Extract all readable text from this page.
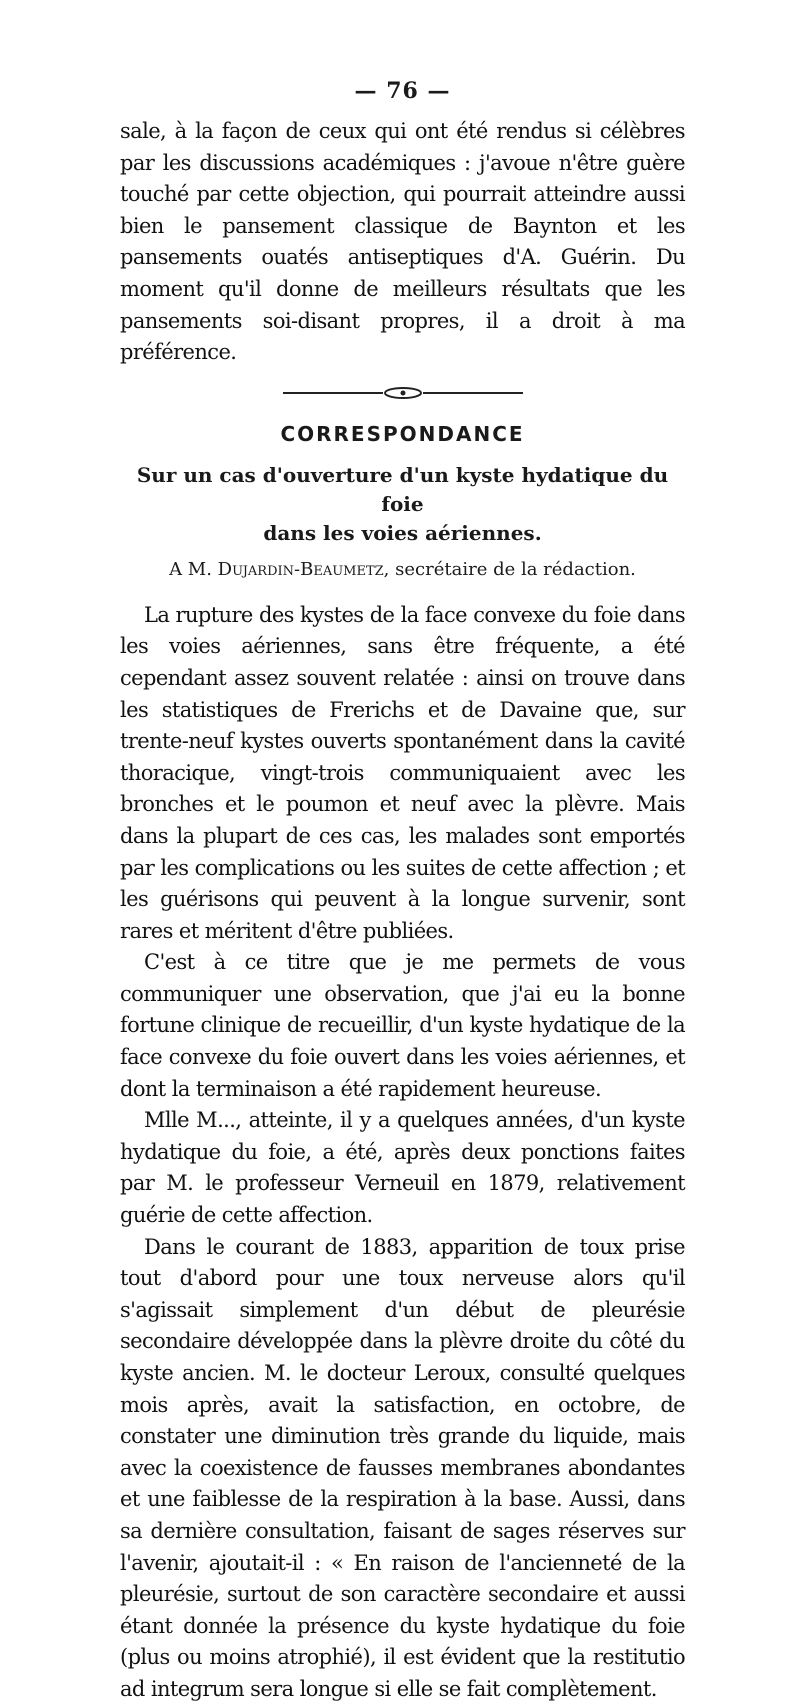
— 76 —

sale, à la façon de ceux qui ont été rendus si célèbres par les discussions académiques : j'avoue n'être guère touché par cette objection, qui pourrait atteindre aussi bien le pansement classique de Baynton et les pansements ouatés antiseptiques d'A. Guérin. Du moment qu'il donne de meilleurs résultats que les pansements soi-disant propres, il a droit à ma préférence.

CORRESPONDANCE
Sur un cas d'ouverture d'un kyste hydatique du foie
dans les voies aériennes.
A M. Dujardin-Beaumetz, secrétaire de la rédaction.

La rupture des kystes de la face convexe du foie dans les voies aériennes, sans être fréquente, a été cependant assez souvent relatée : ainsi on trouve dans les statistiques de Frerichs et de Davaine que, sur trente-neuf kystes ouverts spontanément dans la cavité thoracique, vingt-trois communiquaient avec les bronches et le poumon et neuf avec la plèvre. Mais dans la plupart de ces cas, les malades sont emportés par les complications ou les suites de cette affection ; et les guérisons qui peuvent à la longue survenir, sont rares et méritent d'être publiées.

C'est à ce titre que je me permets de vous communiquer une observation, que j'ai eu la bonne fortune clinique de recueillir, d'un kyste hydatique de la face convexe du foie ouvert dans les voies aériennes, et dont la terminaison a été rapidement heureuse.

Mlle M..., atteinte, il y a quelques années, d'un kyste hydatique du foie, a été, après deux ponctions faites par M. le professeur Verneuil en 1879, relativement guérie de cette affection.

Dans le courant de 1883, apparition de toux prise tout d'abord pour une toux nerveuse alors qu'il s'agissait simplement d'un début de pleurésie secondaire développée dans la plèvre droite du côté du kyste ancien. M. le docteur Leroux, consulté quelques mois après, avait la satisfaction, en octobre, de constater une diminution très grande du liquide, mais avec la coexistence de fausses membranes abondantes et une faiblesse de la respiration à la base. Aussi, dans sa dernière consultation, faisant de sages réserves sur l'avenir, ajoutait-il : « En raison de l'ancienneté de la pleurésie, surtout de son caractère secondaire et aussi étant donnée la présence du kyste hydatique du foie (plus ou moins atrophié), il est évident que la restitutio ad integrum sera longue si elle se fait complètement.
